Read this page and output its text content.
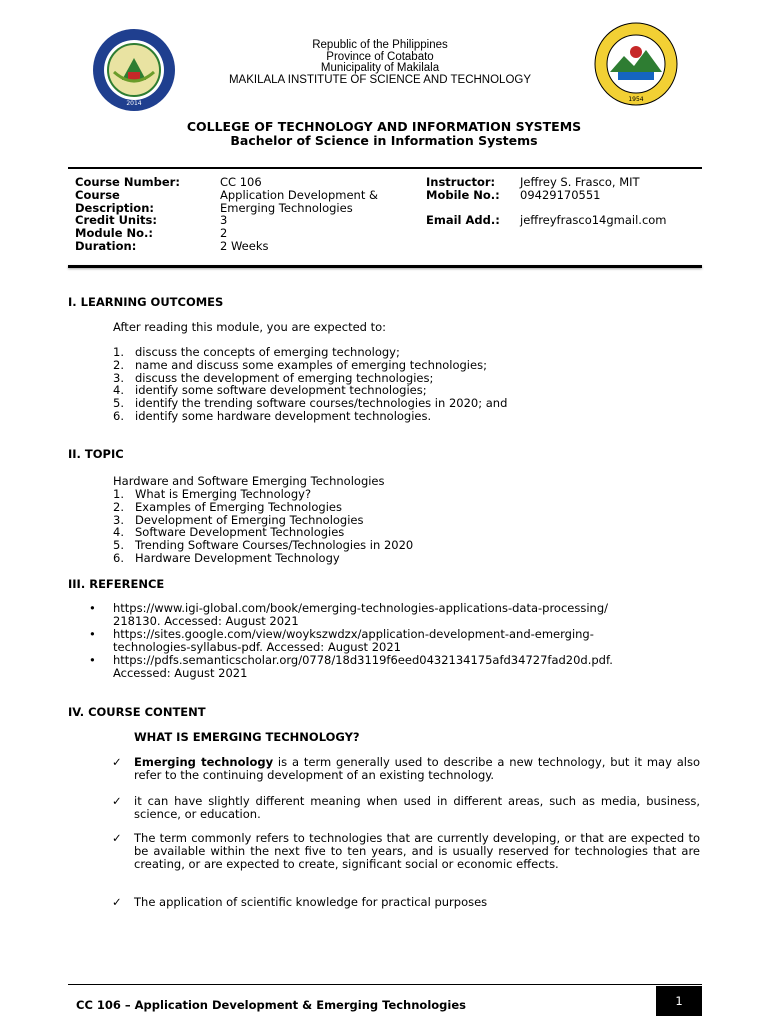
2014
1954
Republic of the Philippines
Province of Cotabato
Municipality of Makilala
MAKILALA INSTITUTE OF SCIENCE AND TECHNOLOGY
COLLEGE OF TECHNOLOGY AND INFORMATION SYSTEMS
Bachelor of Science in Information Systems
Course Number:
Course
Description:
Credit Units:
Module No.:
Duration:
CC 106
Application Development &
Emerging Technologies
3
2
2 Weeks
Instructor:
Mobile No.:
Email Add.:
Jeffrey S. Frasco, MIT
09429170551
jeffreyfrasco14gmail.com
I. LEARNING OUTCOMES
After reading this module, you are expected to:
1. discuss the concepts of emerging technology;
2. name and discuss some examples of emerging technologies;
3. discuss the development of emerging technologies;
4. identify some software development technologies;
5. identify the trending software courses/technologies in 2020; and
6. identify some hardware development technologies.
II. TOPIC
Hardware and Software Emerging Technologies
1. What is Emerging Technology?
2. Examples of Emerging Technologies
3. Development of Emerging Technologies
4. Software Development Technologies
5. Trending Software Courses/Technologies in 2020
6. Hardware Development Technology
III. REFERENCE
• https://www.igi-global.com/book/emerging-technologies-applications-data-processing/
218130. Accessed: August 2021
• https://sites.google.com/view/woykszwdzx/application-development-and-emerging-
technologies-syllabus-pdf. Accessed: August 2021
• https://pdfs.semanticscholar.org/0778/18d3119f6eed0432134175afd34727fad20d.pdf.
Accessed: August 2021
IV. COURSE CONTENT
WHAT IS EMERGING TECHNOLOGY?
✓ Emerging technology is a term generally used to describe a new technology, but it may also refer to the continuing development of an existing technology.
✓ it can have slightly different meaning when used in different areas, such as media, business, science, or education.
✓ The term commonly refers to technologies that are currently developing, or that are expected to be available within the next five to ten years, and is usually reserved for technologies that are creating, or are expected to create, significant social or economic effects.
✓ The application of scientific knowledge for practical purposes
CC 106 – Application Development & Emerging Technologies	1
